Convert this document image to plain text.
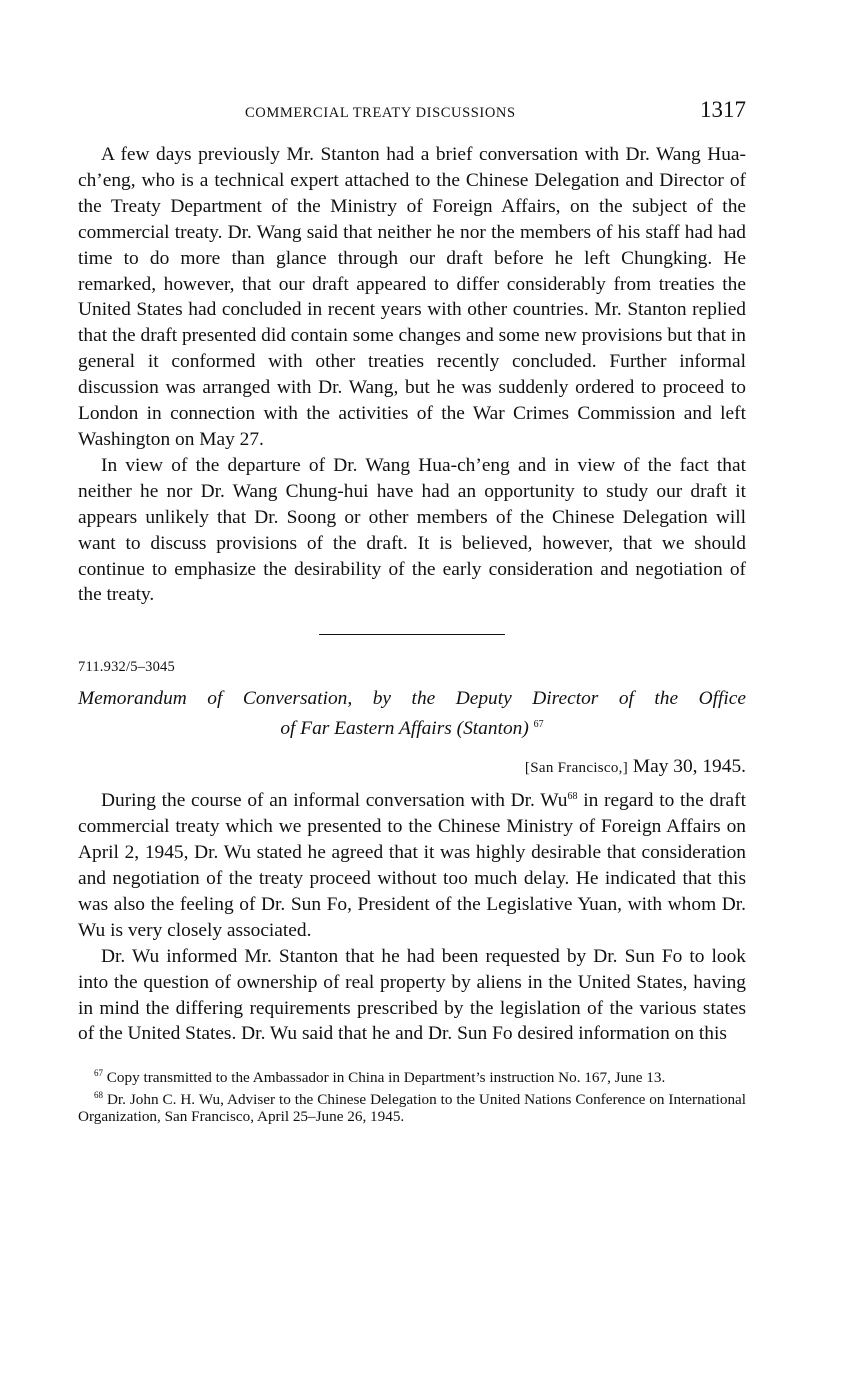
COMMERCIAL TREATY DISCUSSIONS	1317

A few days previously Mr. Stanton had a brief conversation with Dr. Wang Hua-ch’eng, who is a technical expert attached to the Chinese Delegation and Director of the Treaty Department of the Ministry of Foreign Affairs, on the subject of the commercial treaty. Dr. Wang said that neither he nor the members of his staff had had time to do more than glance through our draft before he left Chungking. He remarked, however, that our draft appeared to differ considerably from treaties the United States had concluded in recent years with other countries. Mr. Stanton replied that the draft presented did contain some changes and some new provisions but that in general it conformed with other treaties recently concluded. Further informal discussion was arranged with Dr. Wang, but he was suddenly ordered to proceed to London in connection with the activities of the War Crimes Commission and left Washington on May 27.

In view of the departure of Dr. Wang Hua-ch’eng and in view of the fact that neither he nor Dr. Wang Chung-hui have had an opportunity to study our draft it appears unlikely that Dr. Soong or other members of the Chinese Delegation will want to discuss provisions of the draft. It is believed, however, that we should continue to emphasize the desirability of the early consideration and negotiation of the treaty.

711.932/5–3045
Memorandum of Conversation, by the Deputy Director of the Office
of Far Eastern Affairs (Stanton) $^{67}$
[San Francisco,] May 30, 1945.

During the course of an informal conversation with Dr. Wu$^{68}$ in regard to the draft commercial treaty which we presented to the Chinese Ministry of Foreign Affairs on April 2, 1945, Dr. Wu stated he agreed that it was highly desirable that consideration and negotiation of the treaty proceed without too much delay. He indicated that this was also the feeling of Dr. Sun Fo, President of the Legislative Yuan, with whom Dr. Wu is very closely associated.

Dr. Wu informed Mr. Stanton that he had been requested by Dr. Sun Fo to look into the question of ownership of real property by aliens in the United States, having in mind the differing requirements prescribed by the legislation of the various states of the United States. Dr. Wu said that he and Dr. Sun Fo desired information on this

$^{67}$ Copy transmitted to the Ambassador in China in Department’s instruction No. 167, June 13.

$^{68}$ Dr. John C. H. Wu, Adviser to the Chinese Delegation to the United Nations Conference on International Organization, San Francisco, April 25–June 26, 1945.
